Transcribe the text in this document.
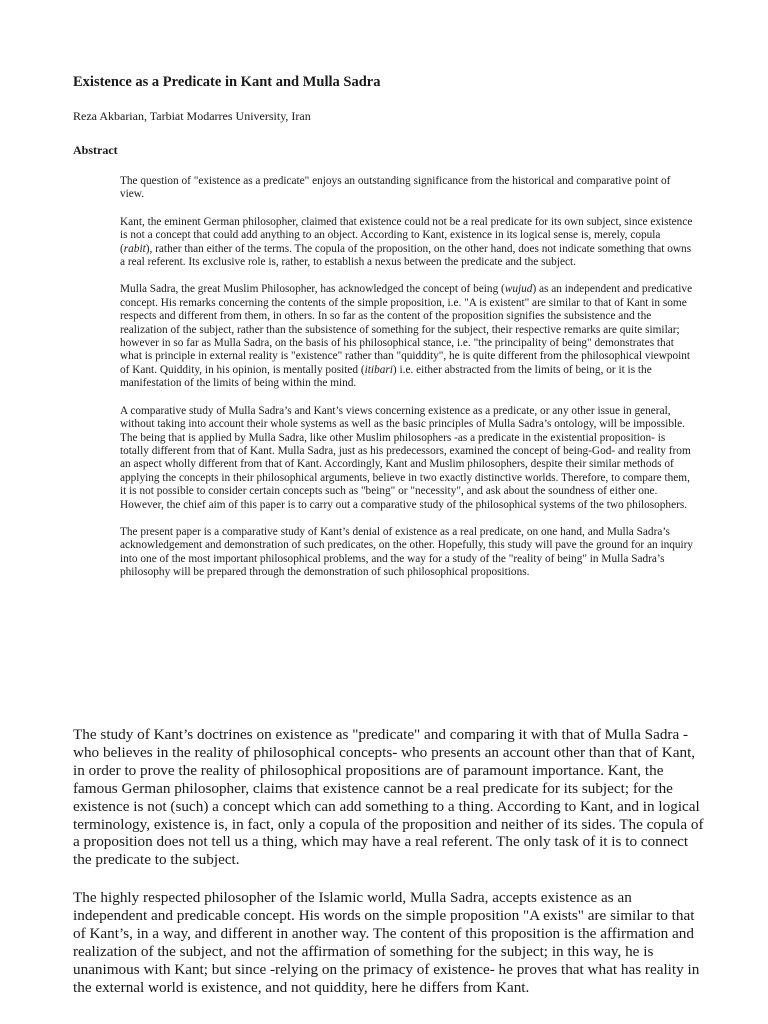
Existence as a Predicate in Kant and Mulla Sadra

Reza Akbarian, Tarbiat Modarres University, Iran

Abstract

The question of "existence as a predicate" enjoys an outstanding significance from the historical and comparative point of view.

Kant, the eminent German philosopher, claimed that existence could not be a real predicate for its own subject, since existence is not a concept that could add anything to an object. According to Kant, existence in its logical sense is, merely, copula (rabit), rather than either of the terms. The copula of the proposition, on the other hand, does not indicate something that owns a real referent. Its exclusive role is, rather, to establish a nexus between the predicate and the subject.

Mulla Sadra, the great Muslim Philosopher, has acknowledged the concept of being (wujud) as an independent and predicative concept. His remarks concerning the contents of the simple proposition, i.e. "A is existent" are similar to that of Kant in some respects and different from them, in others. In so far as the content of the proposition signifies the subsistence and the realization of the subject, rather than the subsistence of something for the subject, their respective remarks are quite similar; however in so far as Mulla Sadra, on the basis of his philosophical stance, i.e. "the principality of being" demonstrates that what is principle in external reality is "existence" rather than "quiddity", he is quite different from the philosophical viewpoint of Kant. Quiddity, in his opinion, is mentally posited (itibari) i.e. either abstracted from the limits of being, or it is the manifestation of the limits of being within the mind.

A comparative study of Mulla Sadra’s and Kant’s views concerning existence as a predicate, or any other issue in general, without taking into account their whole systems as well as the basic principles of Mulla Sadra’s ontology, will be impossible. The being that is applied by Mulla Sadra, like other Muslim philosophers -as a predicate in the existential proposition- is totally different from that of Kant. Mulla Sadra, just as his predecessors, examined the concept of being-God- and reality from an aspect wholly different from that of Kant. Accordingly, Kant and Muslim philosophers, despite their similar methods of applying the concepts in their philosophical arguments, believe in two exactly distinctive worlds. Therefore, to compare them, it is not possible to consider certain concepts such as "being" or "necessity", and ask about the soundness of either one. However, the chief aim of this paper is to carry out a comparative study of the philosophical systems of the two philosophers.

The present paper is a comparative study of Kant’s denial of existence as a real predicate, on one hand, and Mulla Sadra’s acknowledgement and demonstration of such predicates, on the other. Hopefully, this study will pave the ground for an inquiry into one of the most important philosophical problems, and the way for a study of the "reality of being" in Mulla Sadra’s philosophy will be prepared through the demonstration of such philosophical propositions.

The study of Kant’s doctrines on existence as "predicate" and comparing it with that of Mulla Sadra -who believes in the reality of philosophical concepts- who presents an account other than that of Kant, in order to prove the reality of philosophical propositions are of paramount importance. Kant, the famous German philosopher, claims that existence cannot be a real predicate for its subject; for the existence is not (such) a concept which can add something to a thing. According to Kant, and in logical terminology, existence is, in fact, only a copula of the proposition and neither of its sides. The copula of a proposition does not tell us a thing, which may have a real referent. The only task of it is to connect the predicate to the subject.

The highly respected philosopher of the Islamic world, Mulla Sadra, accepts existence as an independent and predicable concept. His words on the simple proposition "A exists" are similar to that of Kant’s, in a way, and different in another way. The content of this proposition is the affirmation and realization of the subject, and not the affirmation of something for the subject; in this way, he is unanimous with Kant; but since -relying on the primacy of existence- he proves that what has reality in the external world is existence, and not quiddity, here he differs from Kant.
